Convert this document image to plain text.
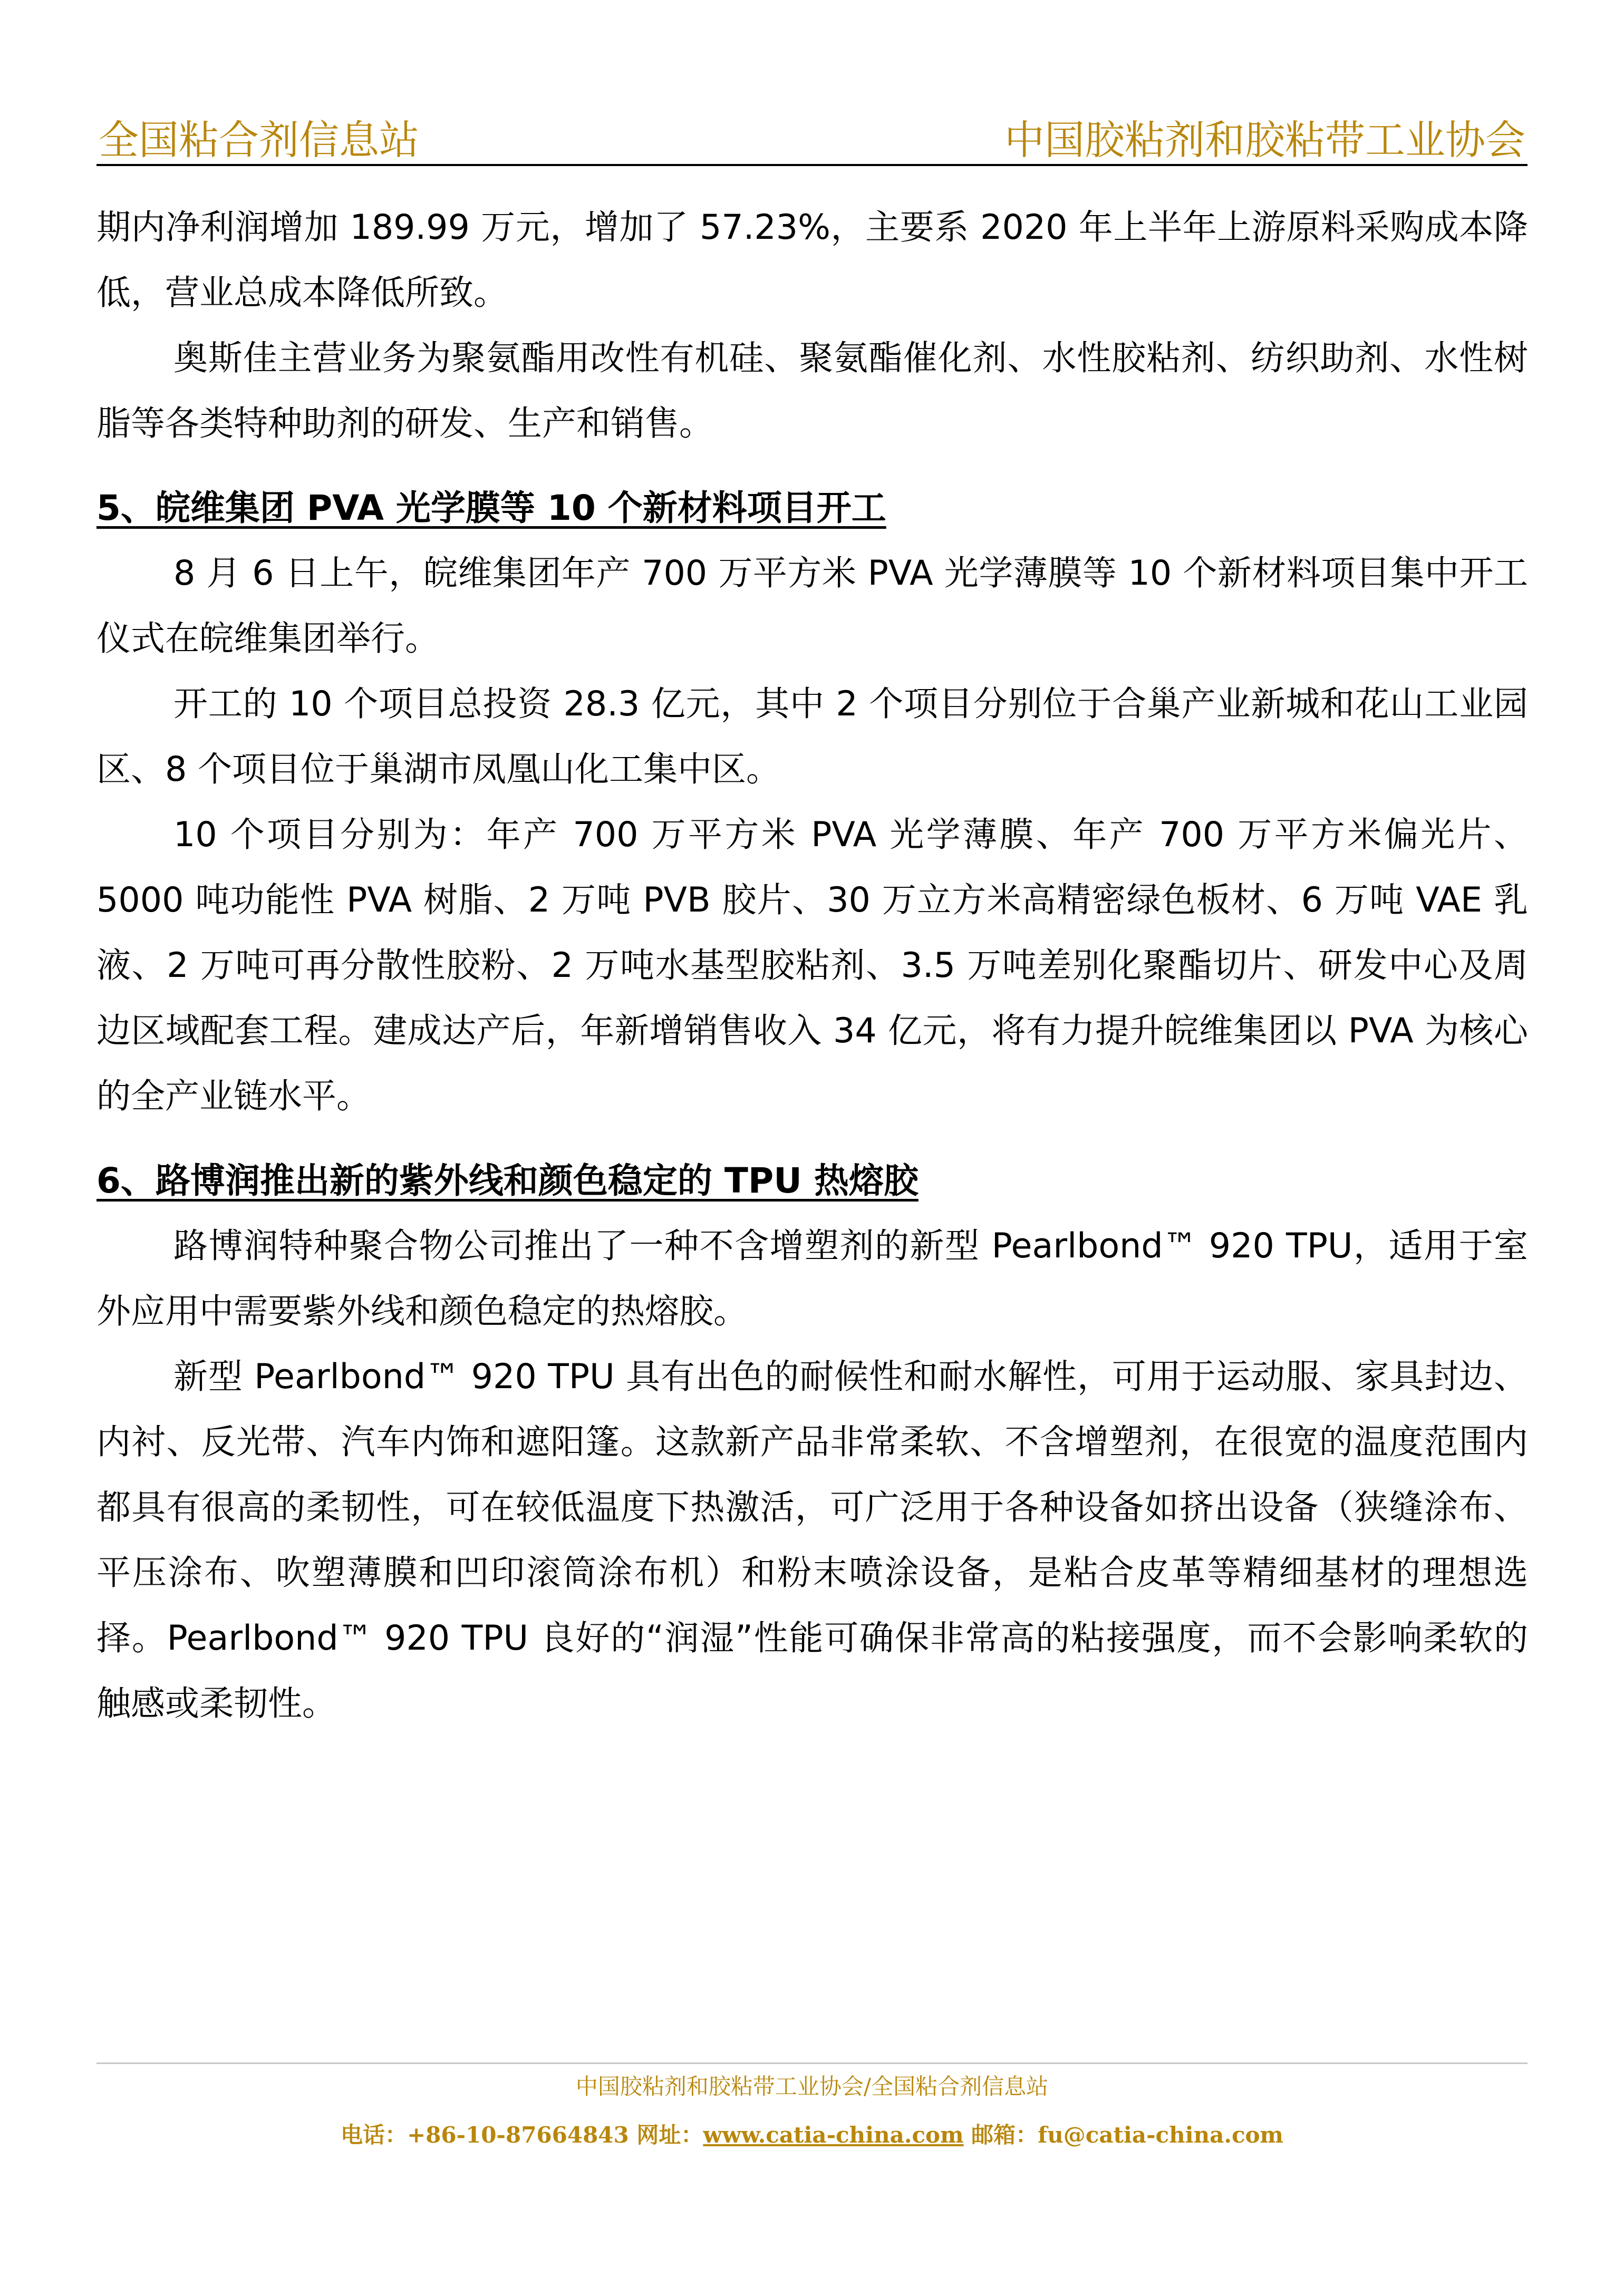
全国粘合剂信息站	中国胶粘剂和胶粘带工业协会

期内净利润增加 189.99 万元，增加了 57.23%，主要系 2020 年上半年上游原料采购成本降低，营业总成本降低所致。

奥斯佳主营业务为聚氨酯用改性有机硅、聚氨酯催化剂、水性胶粘剂、纺织助剂、水性树脂等各类特种助剂的研发、生产和销售。

5、皖维集团 PVA 光学膜等 10 个新材料项目开工

8 月 6 日上午，皖维集团年产 700 万平方米 PVA 光学薄膜等 10 个新材料项目集中开工仪式在皖维集团举行。

开工的 10 个项目总投资 28.3 亿元，其中 2 个项目分别位于合巢产业新城和花山工业园区、8 个项目位于巢湖市凤凰山化工集中区。

10 个项目分别为：年产 700 万平方米 PVA 光学薄膜、年产 700 万平方米偏光片、5000 吨功能性 PVA 树脂、2 万吨 PVB 胶片、30 万立方米高精密绿色板材、6 万吨 VAE 乳液、2 万吨可再分散性胶粉、2 万吨水基型胶粘剂、3.5 万吨差别化聚酯切片、研发中心及周边区域配套工程。建成达产后，年新增销售收入 34 亿元，将有力提升皖维集团以 PVA 为核心的全产业链水平。

6、路博润推出新的紫外线和颜色稳定的 TPU 热熔胶

路博润特种聚合物公司推出了一种不含增塑剂的新型 Pearlbond™ 920 TPU，适用于室外应用中需要紫外线和颜色稳定的热熔胶。

新型 Pearlbond™ 920 TPU 具有出色的耐候性和耐水解性，可用于运动服、家具封边、内衬、反光带、汽车内饰和遮阳篷。这款新产品非常柔软、不含增塑剂，在很宽的温度范围内都具有很高的柔韧性，可在较低温度下热激活，可广泛用于各种设备如挤出设备（狭缝涂布、平压涂布、吹塑薄膜和凹印滚筒涂布机）和粉末喷涂设备，是粘合皮革等精细基材的理想选择。Pearlbond™ 920 TPU 良好的“润湿”性能可确保非常高的粘接强度，而不会影响柔软的触感或柔韧性。

中国胶粘剂和胶粘带工业协会/全国粘合剂信息站
电话：+86-10-87664843 网址：www.catia-china.com 邮箱：fu@catia-china.com
